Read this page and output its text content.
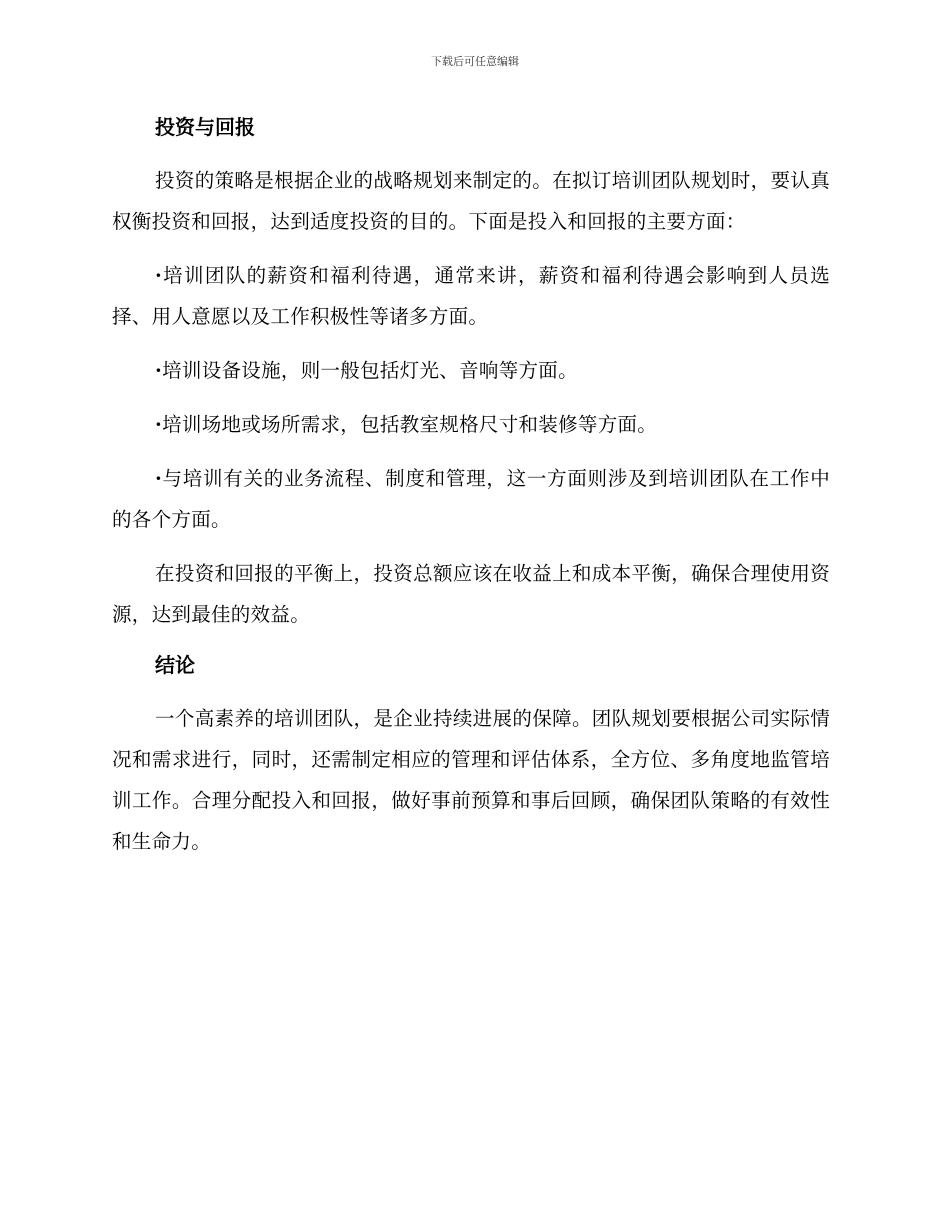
下载后可任意编辑
投资与回报

投资的策略是根据企业的战略规划来制定的。在拟订培训团队规划时，要认真权衡投资和回报，达到适度投资的目的。下面是投入和回报的主要方面：

·培训团队的薪资和福利待遇，通常来讲，薪资和福利待遇会影响到人员选择、用人意愿以及工作积极性等诸多方面。

·培训设备设施，则一般包括灯光、音响等方面。

·培训场地或场所需求，包括教室规格尺寸和装修等方面。

·与培训有关的业务流程、制度和管理，这一方面则涉及到培训团队在工作中的各个方面。

在投资和回报的平衡上，投资总额应该在收益上和成本平衡，确保合理使用资源，达到最佳的效益。

结论

一个高素养的培训团队，是企业持续进展的保障。团队规划要根据公司实际情况和需求进行，同时，还需制定相应的管理和评估体系，全方位、多角度地监管培训工作。合理分配投入和回报，做好事前预算和事后回顾，确保团队策略的有效性和生命力。
